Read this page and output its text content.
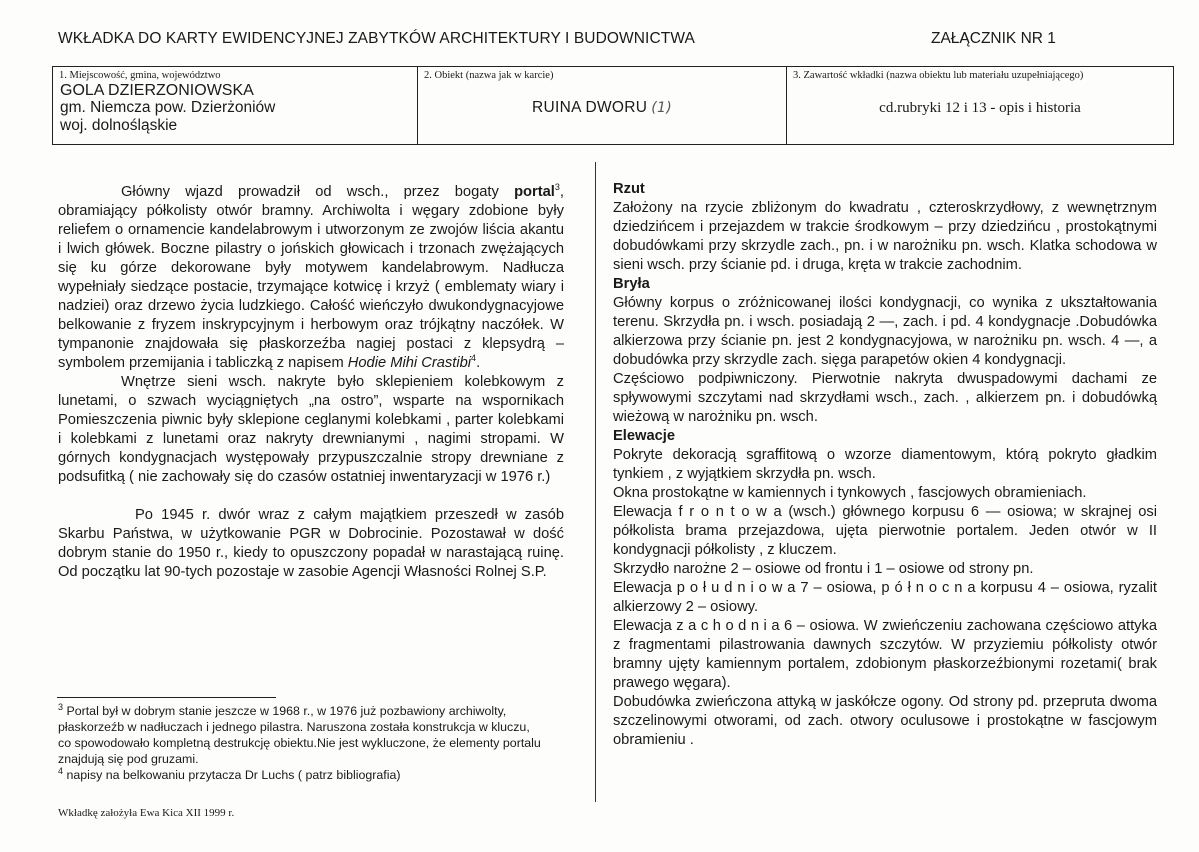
WKŁADKA DO KARTY EWIDENCYJNEJ ZABYTKÓW ARCHITEKTURY I BUDOWNICTWA	ZAŁĄCZNIK NR 1
1. Miejscowość, gmina, województwo
GOLA DZIERZONIOWSKA
gm. Niemcza pow. Dzierżoniów
woj. dolnośląskie
2. Obiekt (nazwa jak w karcie)
RUINA DWORU (1)
3. Zawartość wkładki (nazwa obiektu lub materiału uzupełniającego)
cd.rubryki 12 i 13 - opis i historia

Główny wjazd prowadził od wsch., przez bogaty portal$^3$, obramiający półkolisty otwór bramny. Archiwolta i węgary zdobione były reliefem o ornamencie kandelabrowym i utworzonym ze zwojów liścia akantu i lwich główek. Boczne pilastry o jońskich głowicach i trzonach zwężających się ku górze dekorowane były motywem kandelabrowym. Nadłucza wypełniały siedzące postacie, trzymające kotwicę i krzyż ( emblematy wiary i nadziei) oraz drzewo życia ludzkiego. Całość wieńczyło dwukondygnacyjowe belkowanie z fryzem inskrypcyjnym i herbowym oraz trójkątny naczółek. W tympanonie znajdowała się płaskorzeźba nagiej postaci z klepsydrą – symbolem przemijania i tabliczką z napisem Hodie Mihi Crastibi$^4$.

Wnętrze sieni wsch. nakryte było sklepieniem kolebkowym z lunetami, o szwach wyciągniętych „na ostro”, wsparte na wspornikach Pomieszczenia piwnic były sklepione ceglanymi kolebkami , parter kolebkami i kolebkami z lunetami oraz nakryty drewnianymi , nagimi stropami. W górnych kondygnacjach występowały przypuszczalnie stropy drewniane z podsufitką ( nie zachowały się do czasów ostatniej inwentaryzacji w 1976 r.)

Po 1945 r. dwór wraz z całym majątkiem przeszedł w zasób Skarbu Państwa, w użytkowanie PGR w Dobrocinie. Pozostawał w dość dobrym stanie do 1950 r., kiedy to opuszczony popadał w narastającą ruinę. Od początku lat 90-tych pozostaje w zasobie Agencji Własności Rolnej S.P.

$^3$ Portal był w dobrym stanie jeszcze w 1968 r., w 1976 już pozbawiony archiwolty, płaskorzeźb w nadłuczach i jednego pilastra. Naruszona została konstrukcja w kluczu, co spowodowało kompletną destrukcję obiektu.Nie jest wykluczone, że elementy portalu znajdują się pod gruzami.

$^4$ napisy na belkowaniu przytacza Dr Luchs ( patrz bibliografia)

Rzut

Założony na rzycie zbliżonym do kwadratu , czteroskrzydłowy, z wewnętrznym dziedzińcem i przejazdem w trakcie środkowym – przy dziedzińcu , prostokątnymi dobudówkami przy skrzydle zach., pn. i w narożniku pn. wsch. Klatka schodowa w sieni wsch. przy ścianie pd. i druga, kręta w trakcie zachodnim.

Bryła

Główny korpus o zróżnicowanej ilości kondygnacji, co wynika z ukształtowania terenu. Skrzydła pn. i wsch. posiadają 2 —, zach. i pd. 4 kondygnacje .Dobudówka alkierzowa przy ścianie pn. jest 2 kondygnacyjowa, w narożniku pn. wsch. 4 —, a dobudówka przy skrzydle zach. sięga parapetów okien 4 kondygnacji.

Częściowo podpiwniczony. Pierwotnie nakryta dwuspadowymi dachami ze spływowymi szczytami nad skrzydłami wsch., zach. , alkierzem pn. i dobudówką wieżową w narożniku pn. wsch.

Elewacje

Pokryte dekoracją sgraffitową o wzorze diamentowym, którą pokryto gładkim tynkiem , z wyjątkiem skrzydła pn. wsch.

Okna prostokątne w kamiennych i tynkowych , fascjowych obramieniach.

Elewacja f r o n t o w a (wsch.) głównego korpusu 6 — osiowa; w skrajnej osi półkolista brama przejazdowa, ujęta pierwotnie portalem. Jeden otwór w II kondygnacji półkolisty , z kluczem.

Skrzydło narożne 2 – osiowe od frontu i 1 – osiowe od strony pn.

Elewacja p o ł u d n i o w a 7 – osiowa, p ó ł n o c n a korpusu 4 – osiowa, ryzalit alkierzowy 2 – osiowy.

Elewacja z a c h o d n i a 6 – osiowa. W zwieńczeniu zachowana częściowo attyka z fragmentami pilastrowania dawnych szczytów. W przyziemiu półkolisty otwór bramny ujęty kamiennym portalem, zdobionym płaskorzeźbionymi rozetami( brak prawego węgara).

Dobudówka zwieńczona attyką w jaskółcze ogony. Od strony pd. przepruta dwoma szczelinowymi otworami, od zach. otwory oculusowe i prostokątne w fascjowym obramieniu .

Wkładkę założyła Ewa Kica XII 1999 r.
